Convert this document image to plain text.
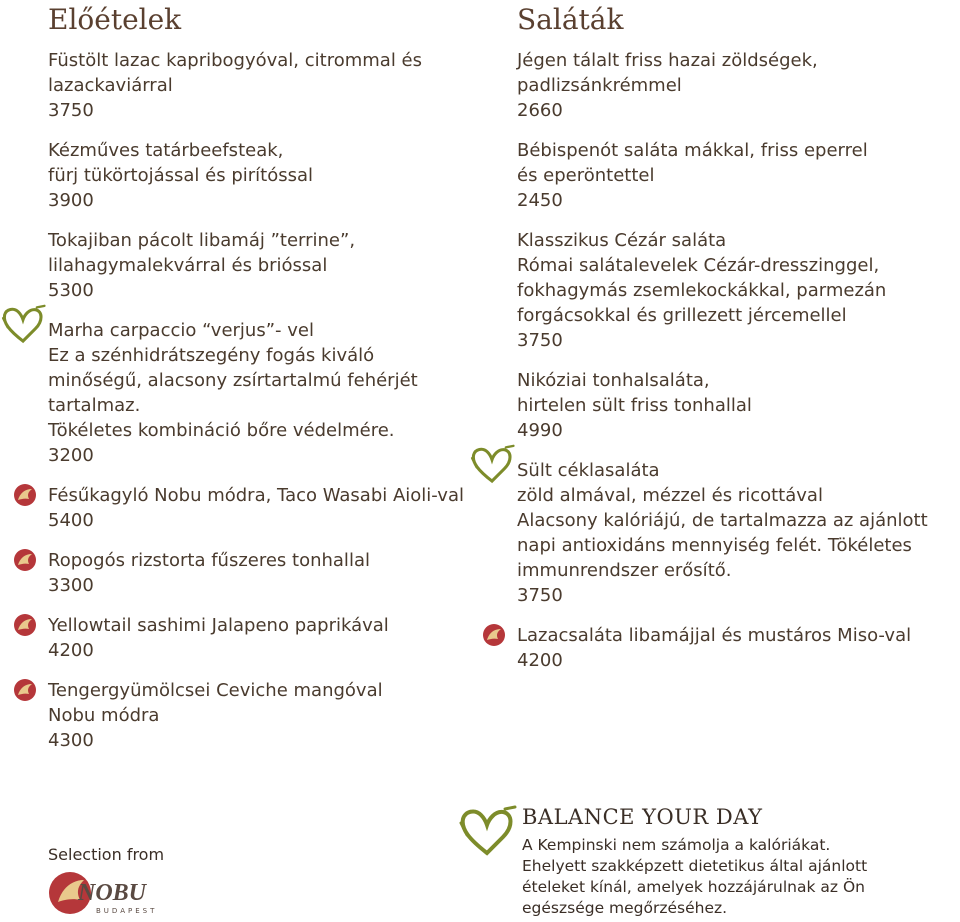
Előételek
Füstölt lazac kapribogyóval, citrommal és
lazackaviárral
3750
Kézműves tatárbeefsteak,
fürj tükörtojással és pirítóssal
3900
Tokajiban pácolt libamáj ”terrine”,
lilahagymalekvárral és brióssal
5300
Marha carpaccio “verjus”- vel
Ez a szénhidrátszegény fogás kiváló
minőségű, alacsony zsírtartalmú fehérjét
tartalmaz.
Tökéletes kombináció bőre védelmére.
3200
Fésűkagyló Nobu módra, Taco Wasabi Aioli-val
5400
Ropogós rizstorta fűszeres tonhallal
3300
Yellowtail sashimi Jalapeno paprikával
4200
Tengergyümölcsei Ceviche mangóval
Nobu módra
4300
Saláták
Jégen tálalt friss hazai zöldségek,
padlizsánkrémmel
2660
Bébispenót saláta mákkal, friss eperrel
és eperöntettel
2450
Klasszikus Cézár saláta
Római salátalevelek Cézár-dresszinggel,
fokhagymás zsemlekockákkal, parmezán
forgácsokkal és grillezett jércemellel
3750
Nikóziai tonhalsaláta,
hirtelen sült friss tonhallal
4990
Sült céklasaláta
zöld almával, mézzel és ricottával
Alacsony kalóriájú, de tartalmazza az ajánlott
napi antioxidáns mennyiség felét. Tökéletes
immunrendszer erősítő.
3750
Lazacsaláta libamájjal és mustáros Miso-val
4200
Selection from
NOBU
BUDAPEST
BALANCE YOUR DAY
A Kempinski nem számolja a kalóriákat.
Ehelyett szakképzett dietetikus által ajánlott
ételeket kínál, amelyek hozzájárulnak az Ön
egészsége megőrzéséhez.
